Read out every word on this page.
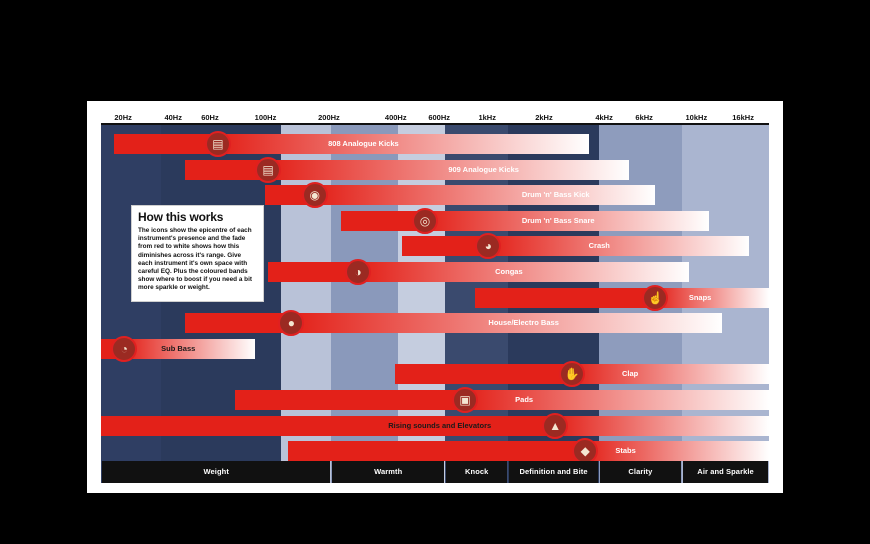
808 Analogue Kicks
▤
909 Analogue Kicks
▤
Drum 'n' Bass Kick
◉
Drum 'n' Bass Snare
◎
Crash
◕
Congas
◑
Snaps
☝
House/Electro Bass
●
Sub Bass
◔
Clap
✋
Pads
▣
Rising sounds and Elevators	▲
Stabs
◆
How this works

The icons show the epicentre of each instrument's presence and the fade from red to white shows how this diminishes across it's range. Give each instrument it's own space with careful EQ. Plus the coloured bands show where to boost if you need a bit more sparkle or weight.

20Hz	40Hz	60Hz	100Hz	200Hz	400Hz	600Hz	1kHz	2kHz	4kHz	6kHz	10kHz	16kHz
Weight	Warmth	Knock	Definition and Bite	Clarity	Air and Sparkle
